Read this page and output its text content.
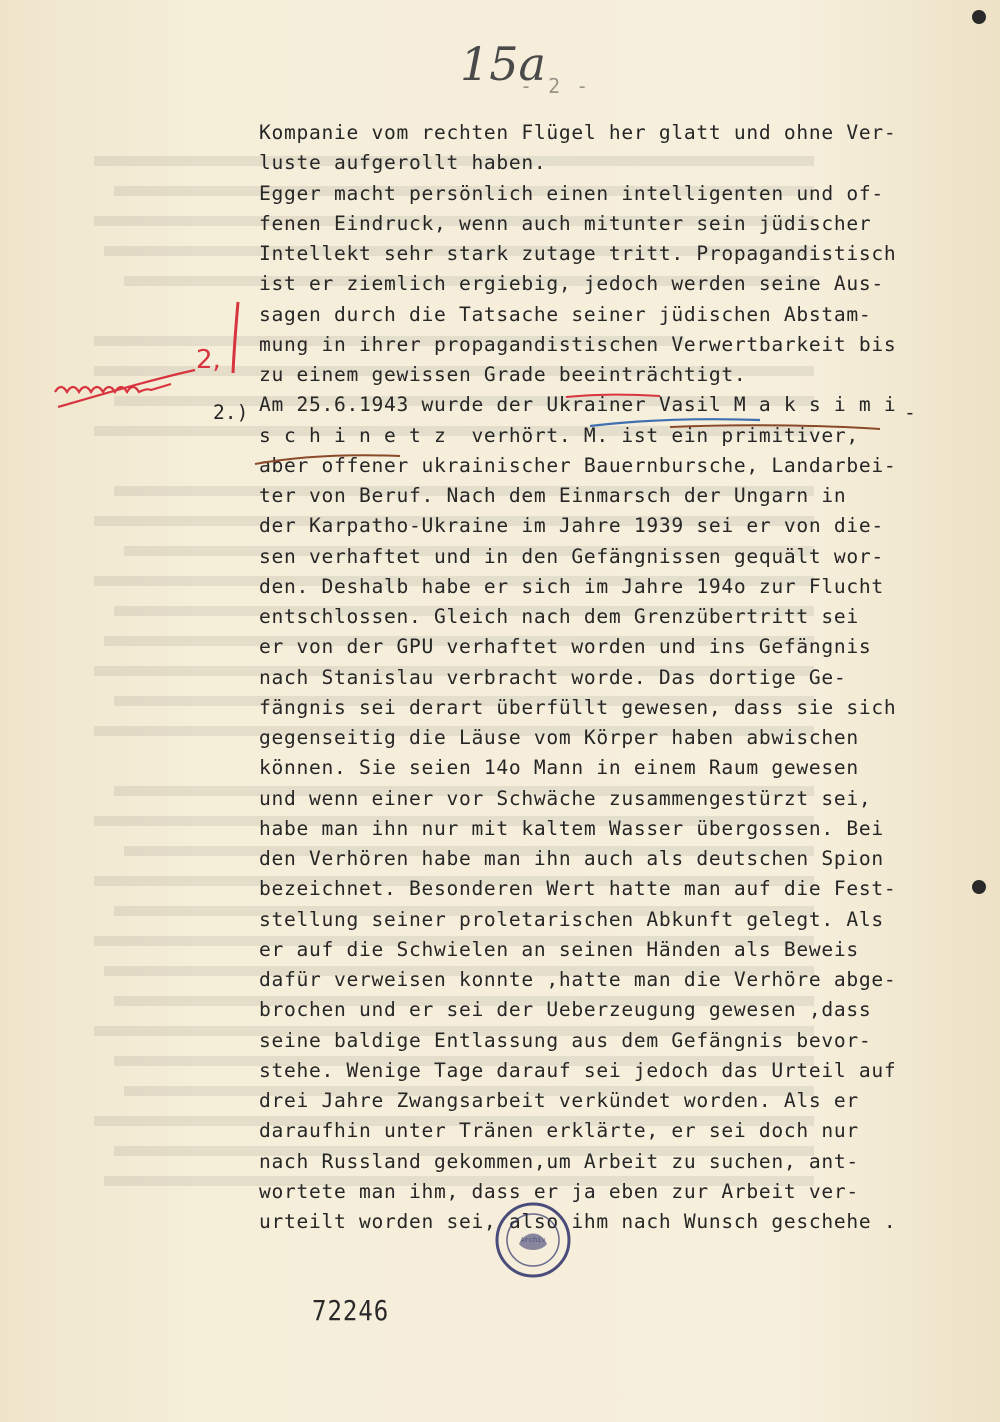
15a
- 2 -
Kompanie vom rechten Flügel her glatt und ohne Ver-
luste aufgerollt haben.
Egger macht persönlich einen intelligenten und of-
fenen Eindruck, wenn auch mitunter sein jüdischer
Intellekt sehr stark zutage tritt. Propagandistisch
ist er ziemlich ergiebig, jedoch werden seine Aus-
sagen durch die Tatsache seiner jüdischen Abstam-
mung in ihrer propagandistischen Verwertbarkeit bis
zu einem gewissen Grade beeinträchtigt.
Am 25.6.1943 wurde der Ukrainer Vasil M a k s i m i
s c h i n e t z  verhört. M. ist ein primitiver,
aber offener ukrainischer Bauernbursche, Landarbei-
ter von Beruf. Nach dem Einmarsch der Ungarn in
der Karpatho-Ukraine im Jahre 1939 sei er von die-
sen verhaftet und in den Gefängnissen gequält wor-
den. Deshalb habe er sich im Jahre 194o zur Flucht
entschlossen. Gleich nach dem Grenzübertritt sei
er von der GPU verhaftet worden und ins Gefängnis
nach Stanislau verbracht worde. Das dortige Ge-
fängnis sei derart überfüllt gewesen, dass sie sich
gegenseitig die Läuse vom Körper haben abwischen
können. Sie seien 14o Mann in einem Raum gewesen
und wenn einer vor Schwäche zusammengestürzt sei,
habe man ihn nur mit kaltem Wasser übergossen. Bei
den Verhören habe man ihn auch als deutschen Spion
bezeichnet. Besonderen Wert hatte man auf die Fest-
stellung seiner proletarischen Abkunft gelegt. Als
er auf die Schwielen an seinen Händen als Beweis
dafür verweisen konnte ,hatte man die Verhöre abge-
brochen und er sei der Ueberzeugung gewesen ,dass
seine baldige Entlassung aus dem Gefängnis bevor-
stehe. Wenige Tage darauf sei jedoch das Urteil auf
drei Jahre Zwangsarbeit verkündet worden. Als er
daraufhin unter Tränen erklärte, er sei doch nur
nach Russland gekommen,um Arbeit zu suchen, ant-
wortete man ihm, dass er ja eben zur Arbeit ver-
urteilt worden sei, also ihm nach Wunsch geschehe .
2.)	-
2,
Archiv
72246
